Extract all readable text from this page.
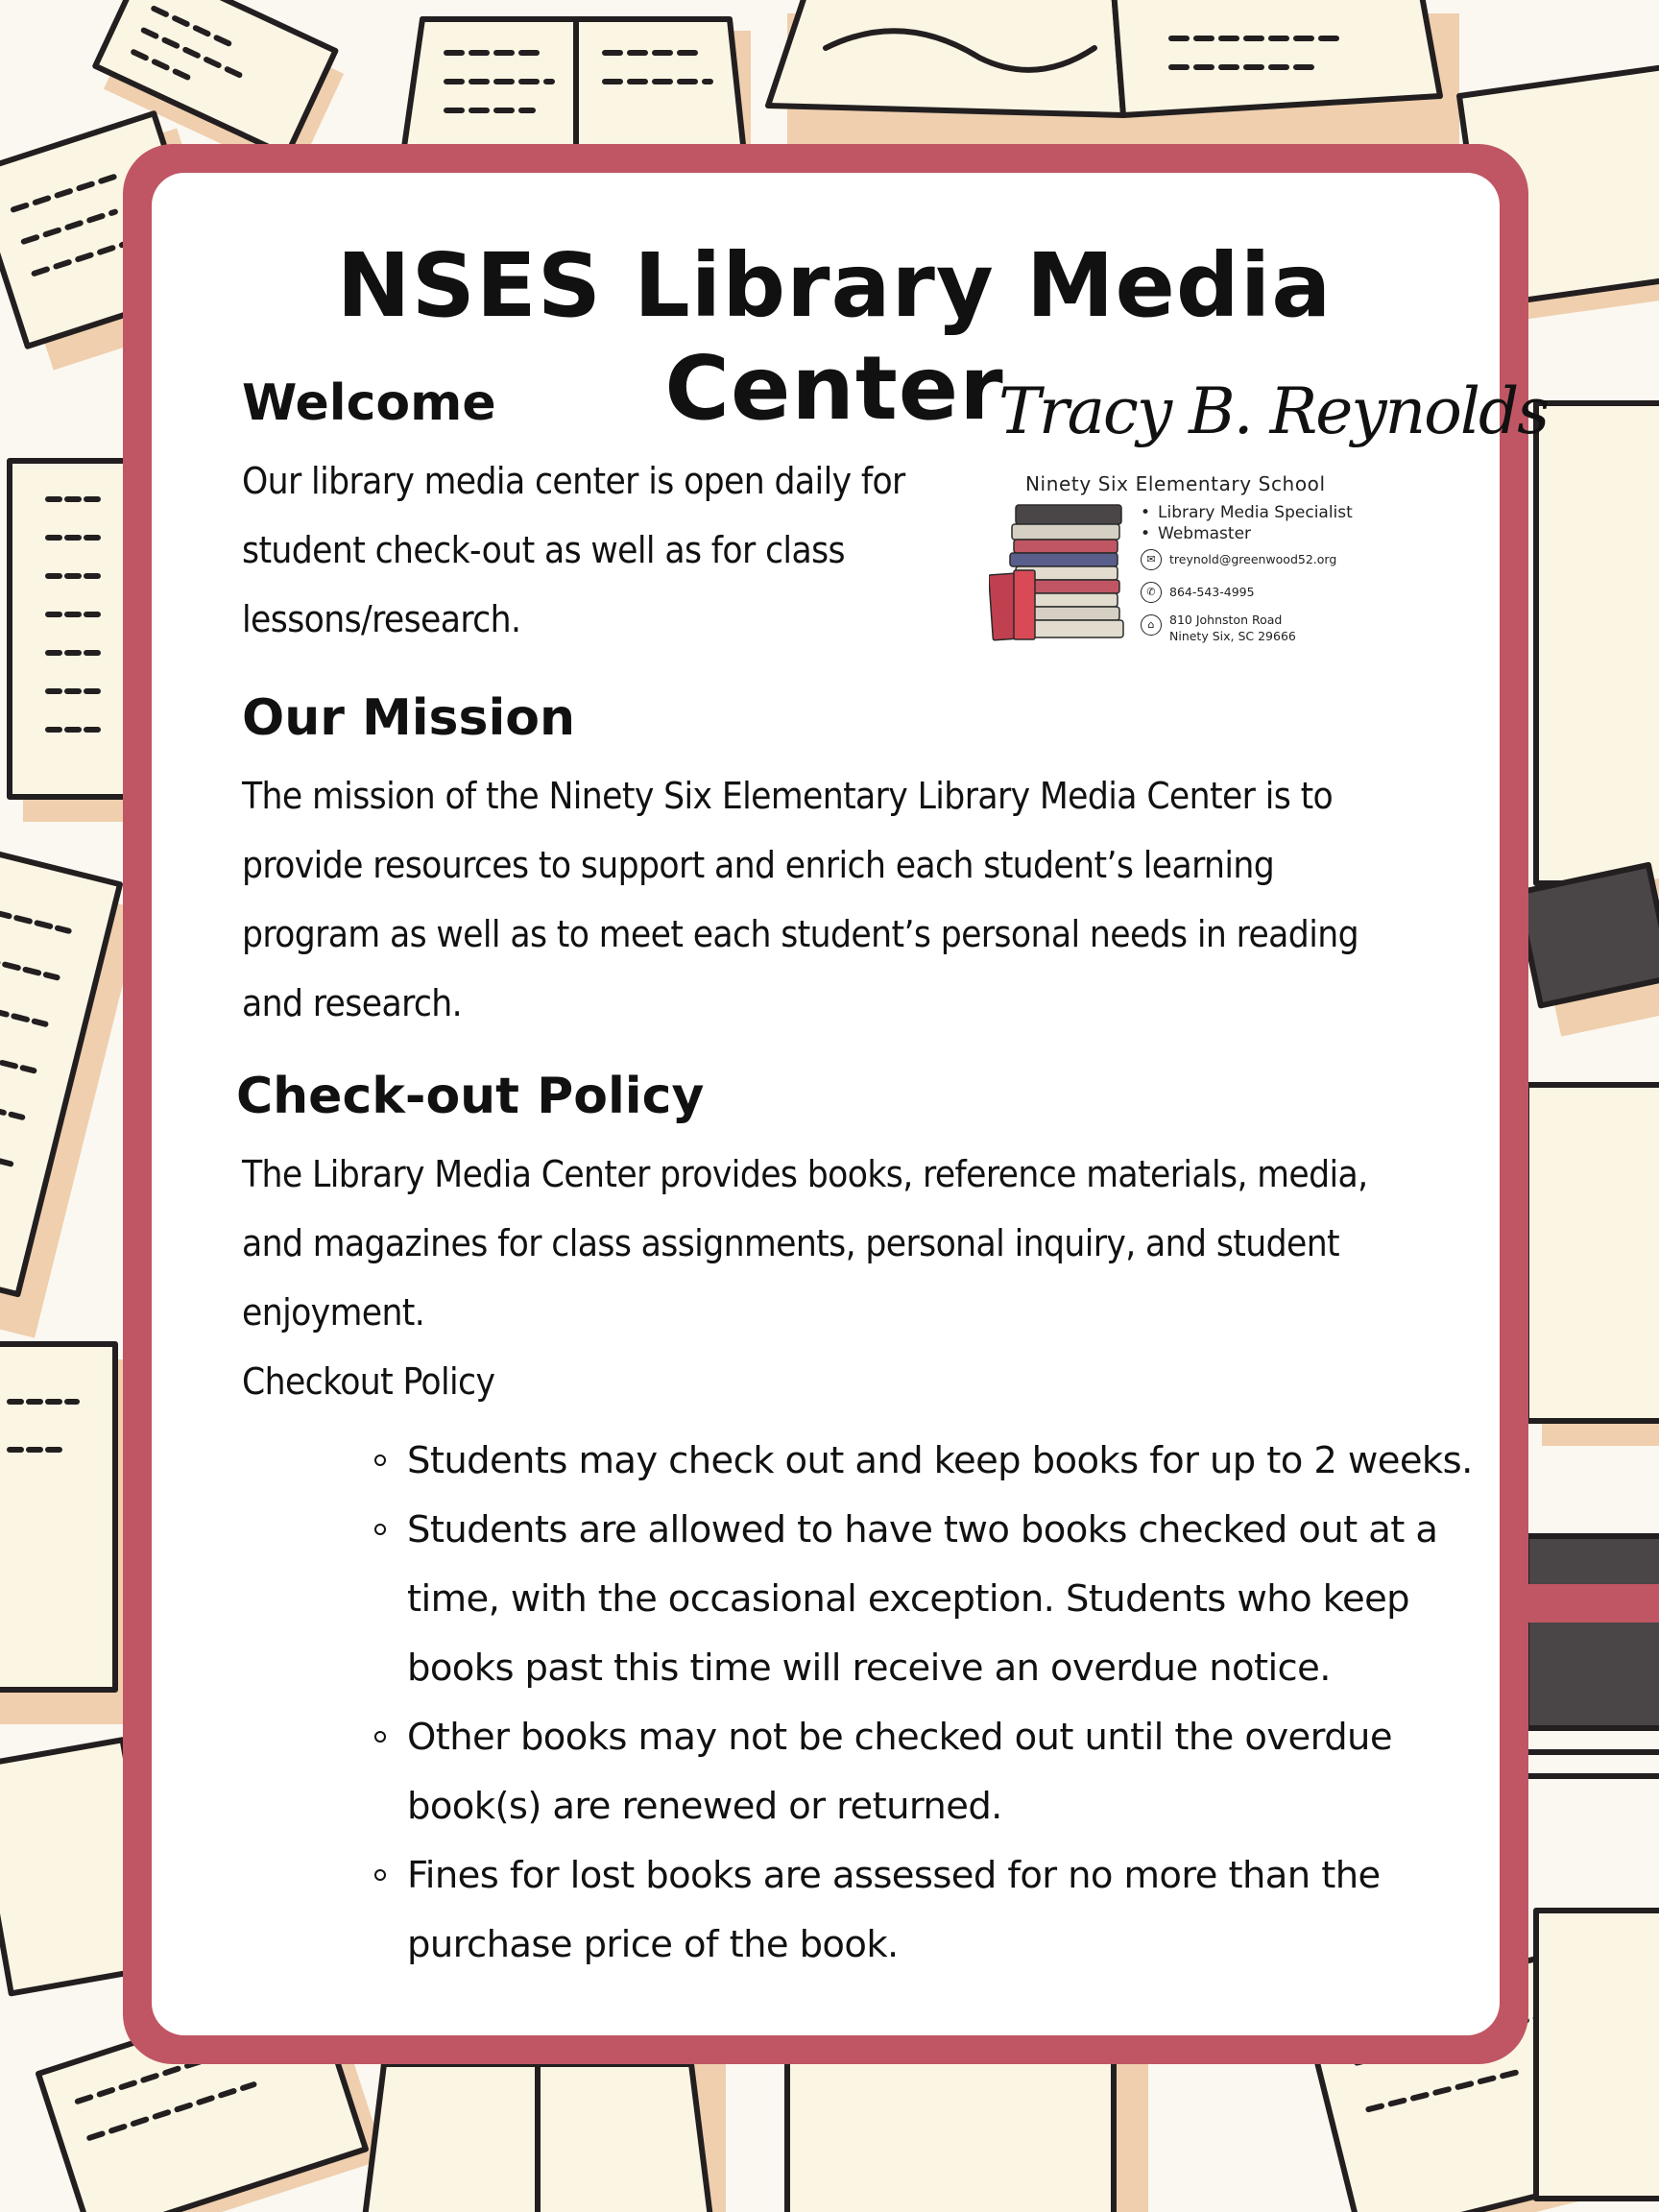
NSES Library Media Center
Welcome
Our library media center is open daily for
student check-out as well as for class
lessons/research.
Tracy B. Reynolds
Ninety Six Elementary School
• Library Media Specialist
• Webmaster
✉	treynold@greenwood52.org
✆	864-543-4995
⌂	810 Johnston Road
Ninety Six, SC 29666
Our Mission
The mission of the Ninety Six Elementary Library Media Center is to
provide resources to support and enrich each student’s learning
program as well as to meet each student’s personal needs in reading
and research.
Check-out Policy
The Library Media Center provides books, reference materials, media,
and magazines for class assignments, personal inquiry, and student
enjoyment.
Checkout Policy
Students may check out and keep books for up to 2 weeks.
Students are allowed to have two books checked out at a
time, with the occasional exception. Students who keep
books past this time will receive an overdue notice.
Other books may not be checked out until the overdue
book(s) are renewed or returned.
Fines for lost books are assessed for no more than the
purchase price of the book.
